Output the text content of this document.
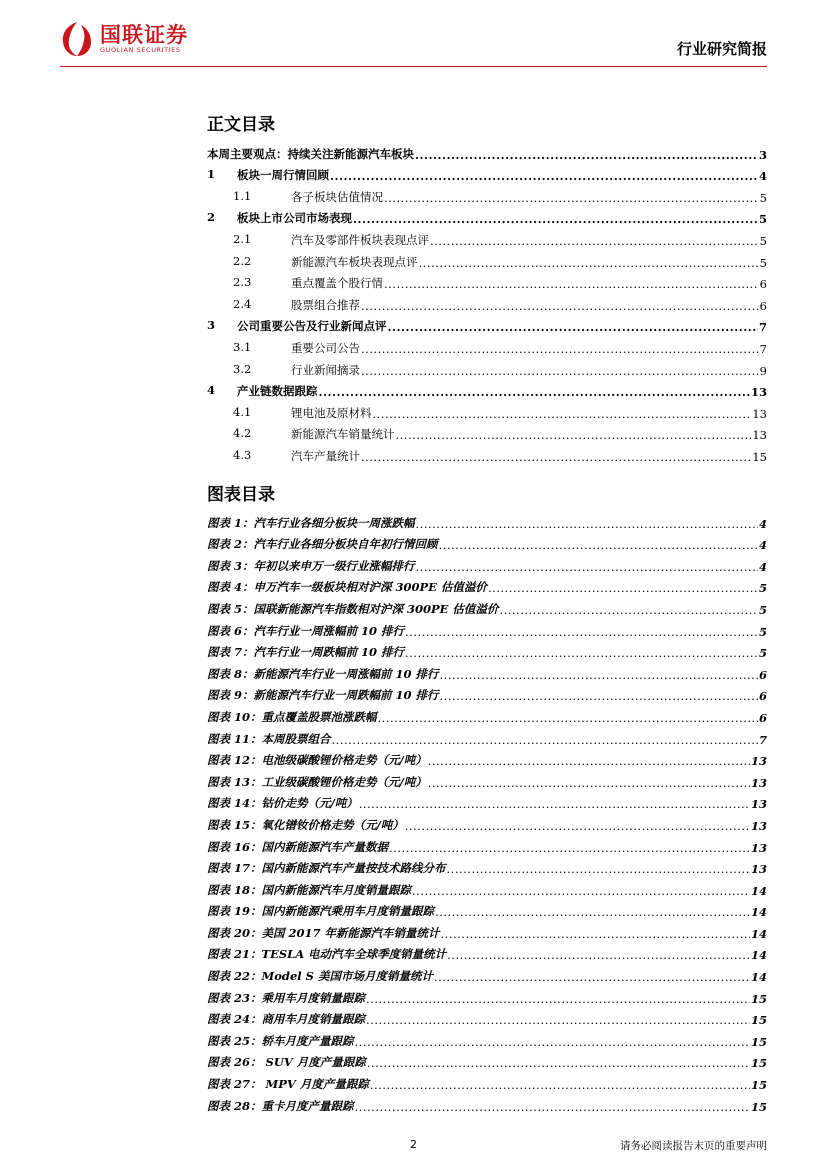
国联证券
GUOLIAN SECURITIES	行业研究简报
正文目录
本周主要观点：持续关注新能源汽车板块 .....	3
1	板块一周行情回顾 .....	4
1.1	各子板块估值情况 .....	5
2	板块上市公司市场表现 .....	5
2.1	汽车及零部件板块表现点评 .....	5
2.2	新能源汽车板块表现点评 .....	5
2.3	重点覆盖个股行情 .....	6
2.4	股票组合推荐 .....	6
3	公司重要公告及行业新闻点评 .....	7
3.1	重要公司公告 .....	7
3.2	行业新闻摘录 .....	9
4	产业链数据跟踪 .....	13
4.1	锂电池及原材料 .....	13
4.2	新能源汽车销量统计 .....	13
4.3	汽车产量统计 .....	15
图表目录
图表 1：汽车行业各细分板块一周涨跌幅 .....	4
图表 2：汽车行业各细分板块自年初行情回顾 .....	4
图表 3：年初以来申万一级行业涨幅排行 .....	4
图表 4：申万汽车一级板块相对沪深 300PE 估值溢价 .....	5
图表 5：国联新能源汽车指数相对沪深 300PE 估值溢价 .....	5
图表 6：汽车行业一周涨幅前 10 排行 .....	5
图表 7：汽车行业一周跌幅前 10 排行 .....	5
图表 8：新能源汽车行业一周涨幅前 10 排行 .....	6
图表 9：新能源汽车行业一周跌幅前 10 排行 .....	6
图表 10：重点覆盖股票池涨跌幅 .....	6
图表 11：本周股票组合 .....	7
图表 12：电池级碳酸锂价格走势（元/吨） .....	13
图表 13：工业级碳酸锂价格走势（元/吨） .....	13
图表 14：钴价走势（元/吨） .....	13
图表 15：氧化镨钕价格走势（元/吨） .....	13
图表 16：国内新能源汽车产量数据 .....	13
图表 17：国内新能源汽车产量按技术路线分布 .....	13
图表 18：国内新能源汽车月度销量跟踪 .....	14
图表 19：国内新能源汽乘用车月度销量跟踪 .....	14
图表 20：美国 2017 年新能源汽车销量统计 .....	14
图表 21：TESLA 电动汽车全球季度销量统计 .....	14
图表 22：Model S 美国市场月度销量统计 .....	14
图表 23：乘用车月度销量跟踪 .....	15
图表 24：商用车月度销量跟踪 .....	15
图表 25：轿车月度产量跟踪 .....	15
图表 26： SUV 月度产量跟踪 .....	15
图表 27： MPV 月度产量跟踪 .....	15
图表 28：重卡月度产量跟踪 .....	15
2	请务必阅读报告末页的重要声明
